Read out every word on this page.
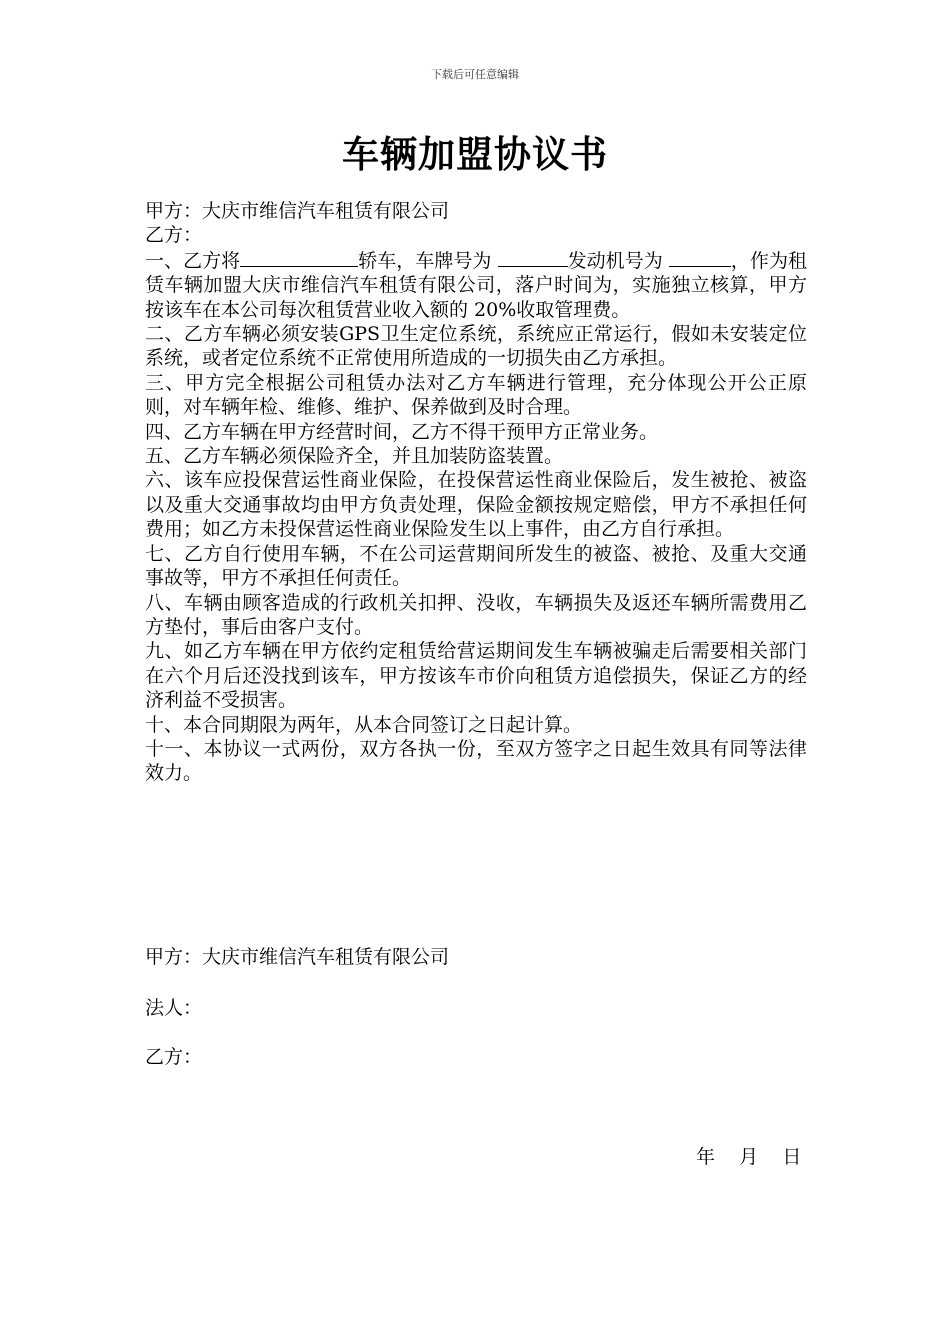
下载后可任意编辑
车辆加盟协议书

甲方：大庆市维信汽车租赁有限公司

乙方：

一、乙方将	轿车，车牌号为	发动机号为	，作为租赁车辆加盟大庆市维信汽车租赁有限公司，落户时间为，实施独立核算，甲方按该车在本公司每次租赁营业收入额的 20%收取管理费。

二、乙方车辆必须安装GPS卫生定位系统，系统应正常运行，假如未安装定位系统，或者定位系统不正常使用所造成的一切损失由乙方承担。

三、甲方完全根据公司租赁办法对乙方车辆进行管理，充分体现公开公正原则，对车辆年检、维修、维护、保养做到及时合理。

四、乙方车辆在甲方经营时间，乙方不得干预甲方正常业务。

五、乙方车辆必须保险齐全，并且加装防盗装置。

六、该车应投保营运性商业保险，在投保营运性商业保险后，发生被抢、被盗以及重大交通事故均由甲方负责处理，保险金额按规定赔偿，甲方不承担任何费用；如乙方未投保营运性商业保险发生以上事件，由乙方自行承担。

七、乙方自行使用车辆，不在公司运营期间所发生的被盗、被抢、及重大交通事故等，甲方不承担任何责任。

八、车辆由顾客造成的行政机关扣押、没收，车辆损失及返还车辆所需费用乙方垫付，事后由客户支付。

九、如乙方车辆在甲方依约定租赁给营运期间发生车辆被骗走后需要相关部门在六个月后还没找到该车，甲方按该车市价向租赁方追偿损失，保证乙方的经济利益不受损害。

十、本合同期限为两年，从本合同签订之日起计算。

十一、本协议一式两份，双方各执一份，至双方签字之日起生效具有同等法律效力。

甲方：大庆市维信汽车租赁有限公司
法人：
乙方：
年    月    日
